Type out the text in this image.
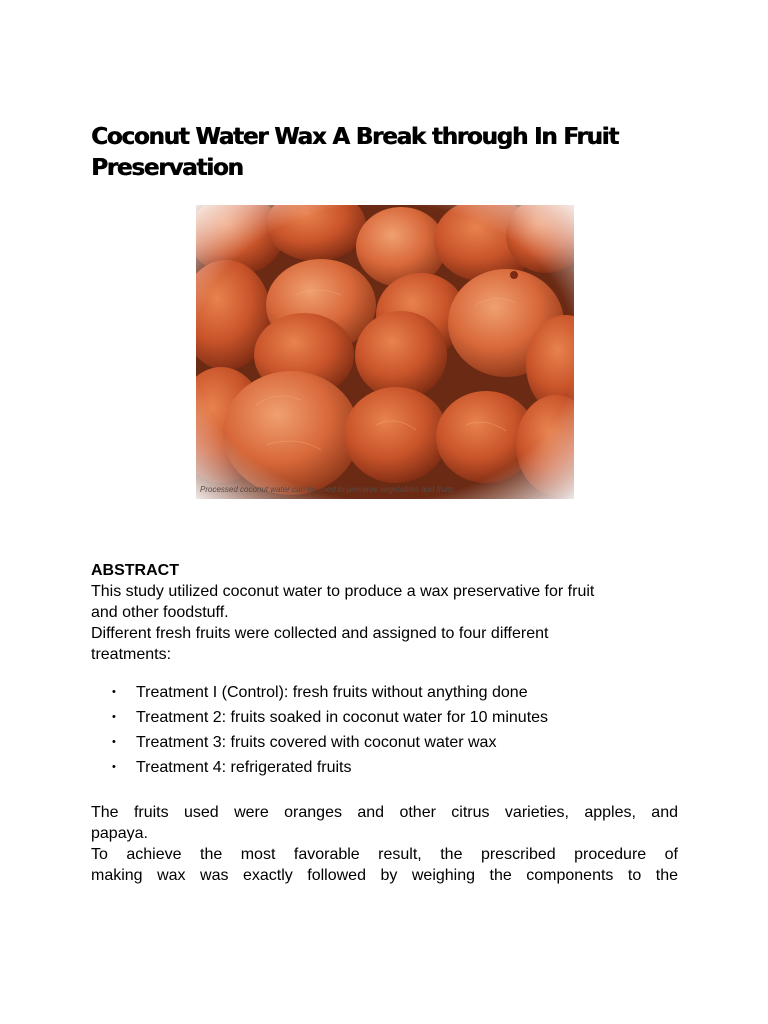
Coconut Water Wax A Break through In Fruit Preservation
Processed coconut water can be used to preserve vegetables and fruits.

ABSTRACT

This study utilized coconut water to produce a wax preservative for fruit
and other foodstuff.

Different fresh fruits were collected and assigned to four different
treatments:

• Treatment I (Control): fresh fruits without anything done
• Treatment 2: fruits soaked in coconut water for 10 minutes
• Treatment 3: fruits covered with coconut water wax
• Treatment 4: refrigerated fruits

The fruits used were oranges and other citrus varieties, apples, and
papaya.

To achieve the most favorable result, the prescribed procedure of
making wax was exactly followed by weighing the components to the
